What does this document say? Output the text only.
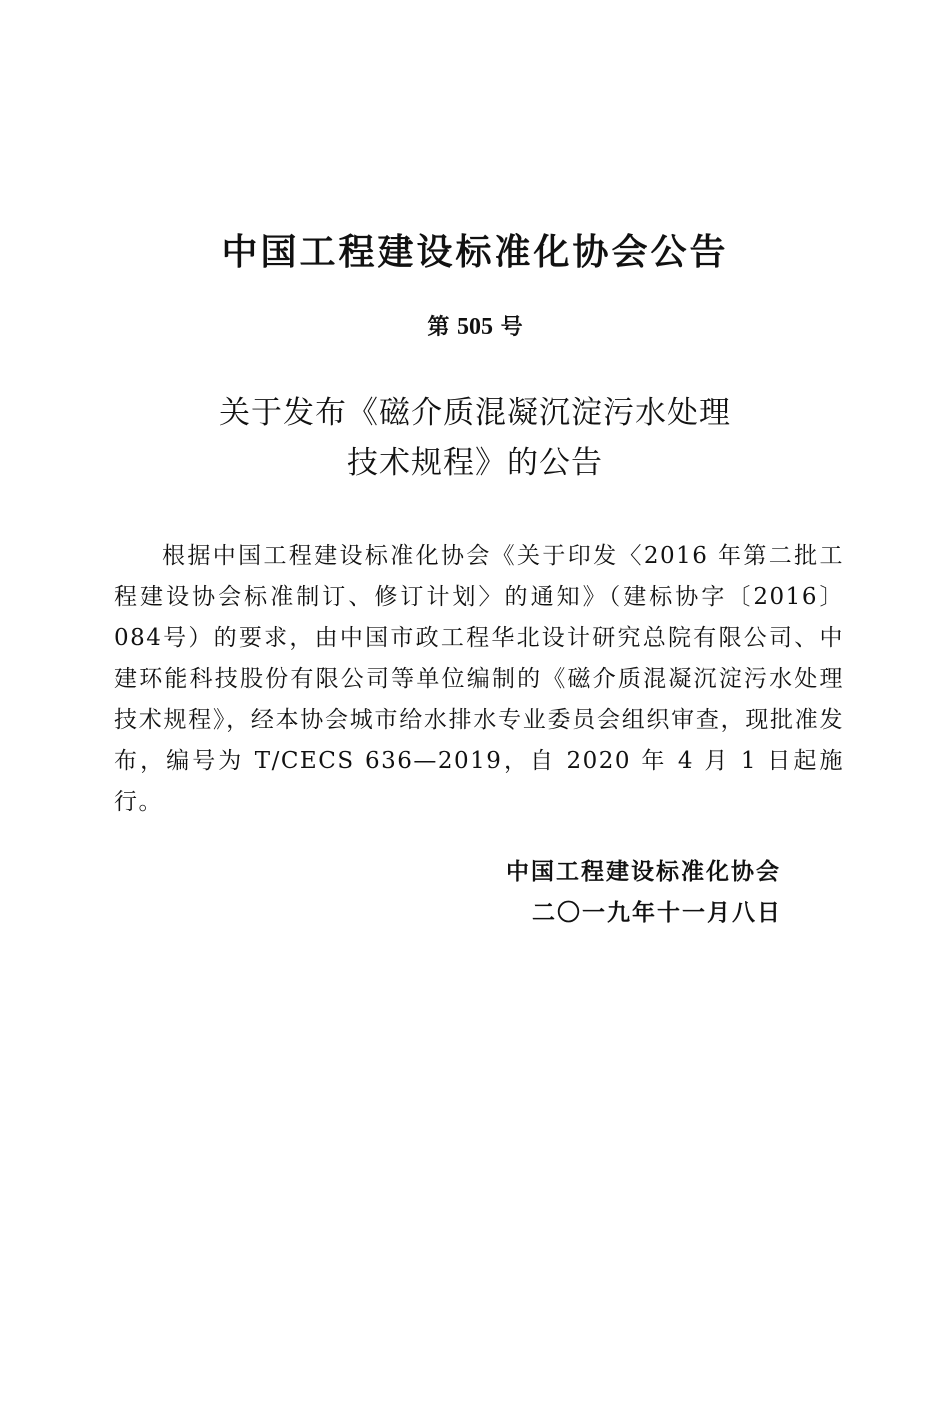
中国工程建设标准化协会公告
第 505 号
关于发布《磁介质混凝沉淀污水处理
技术规程》的公告

根据中国工程建设标准化协会《关于印发〈2016 年第二批工程建设协会标准制订、修订计划〉的通知》（建标协字〔2016〕084号）的要求，由中国市政工程华北设计研究总院有限公司、中建环能科技股份有限公司等单位编制的《磁介质混凝沉淀污水处理技术规程》，经本协会城市给水排水专业委员会组织审查，现批准发布，编号为 T/CECS 636—2019，自 2020 年 4 月 1 日起施行。

中国工程建设标准化协会
二〇一九年十一月八日
